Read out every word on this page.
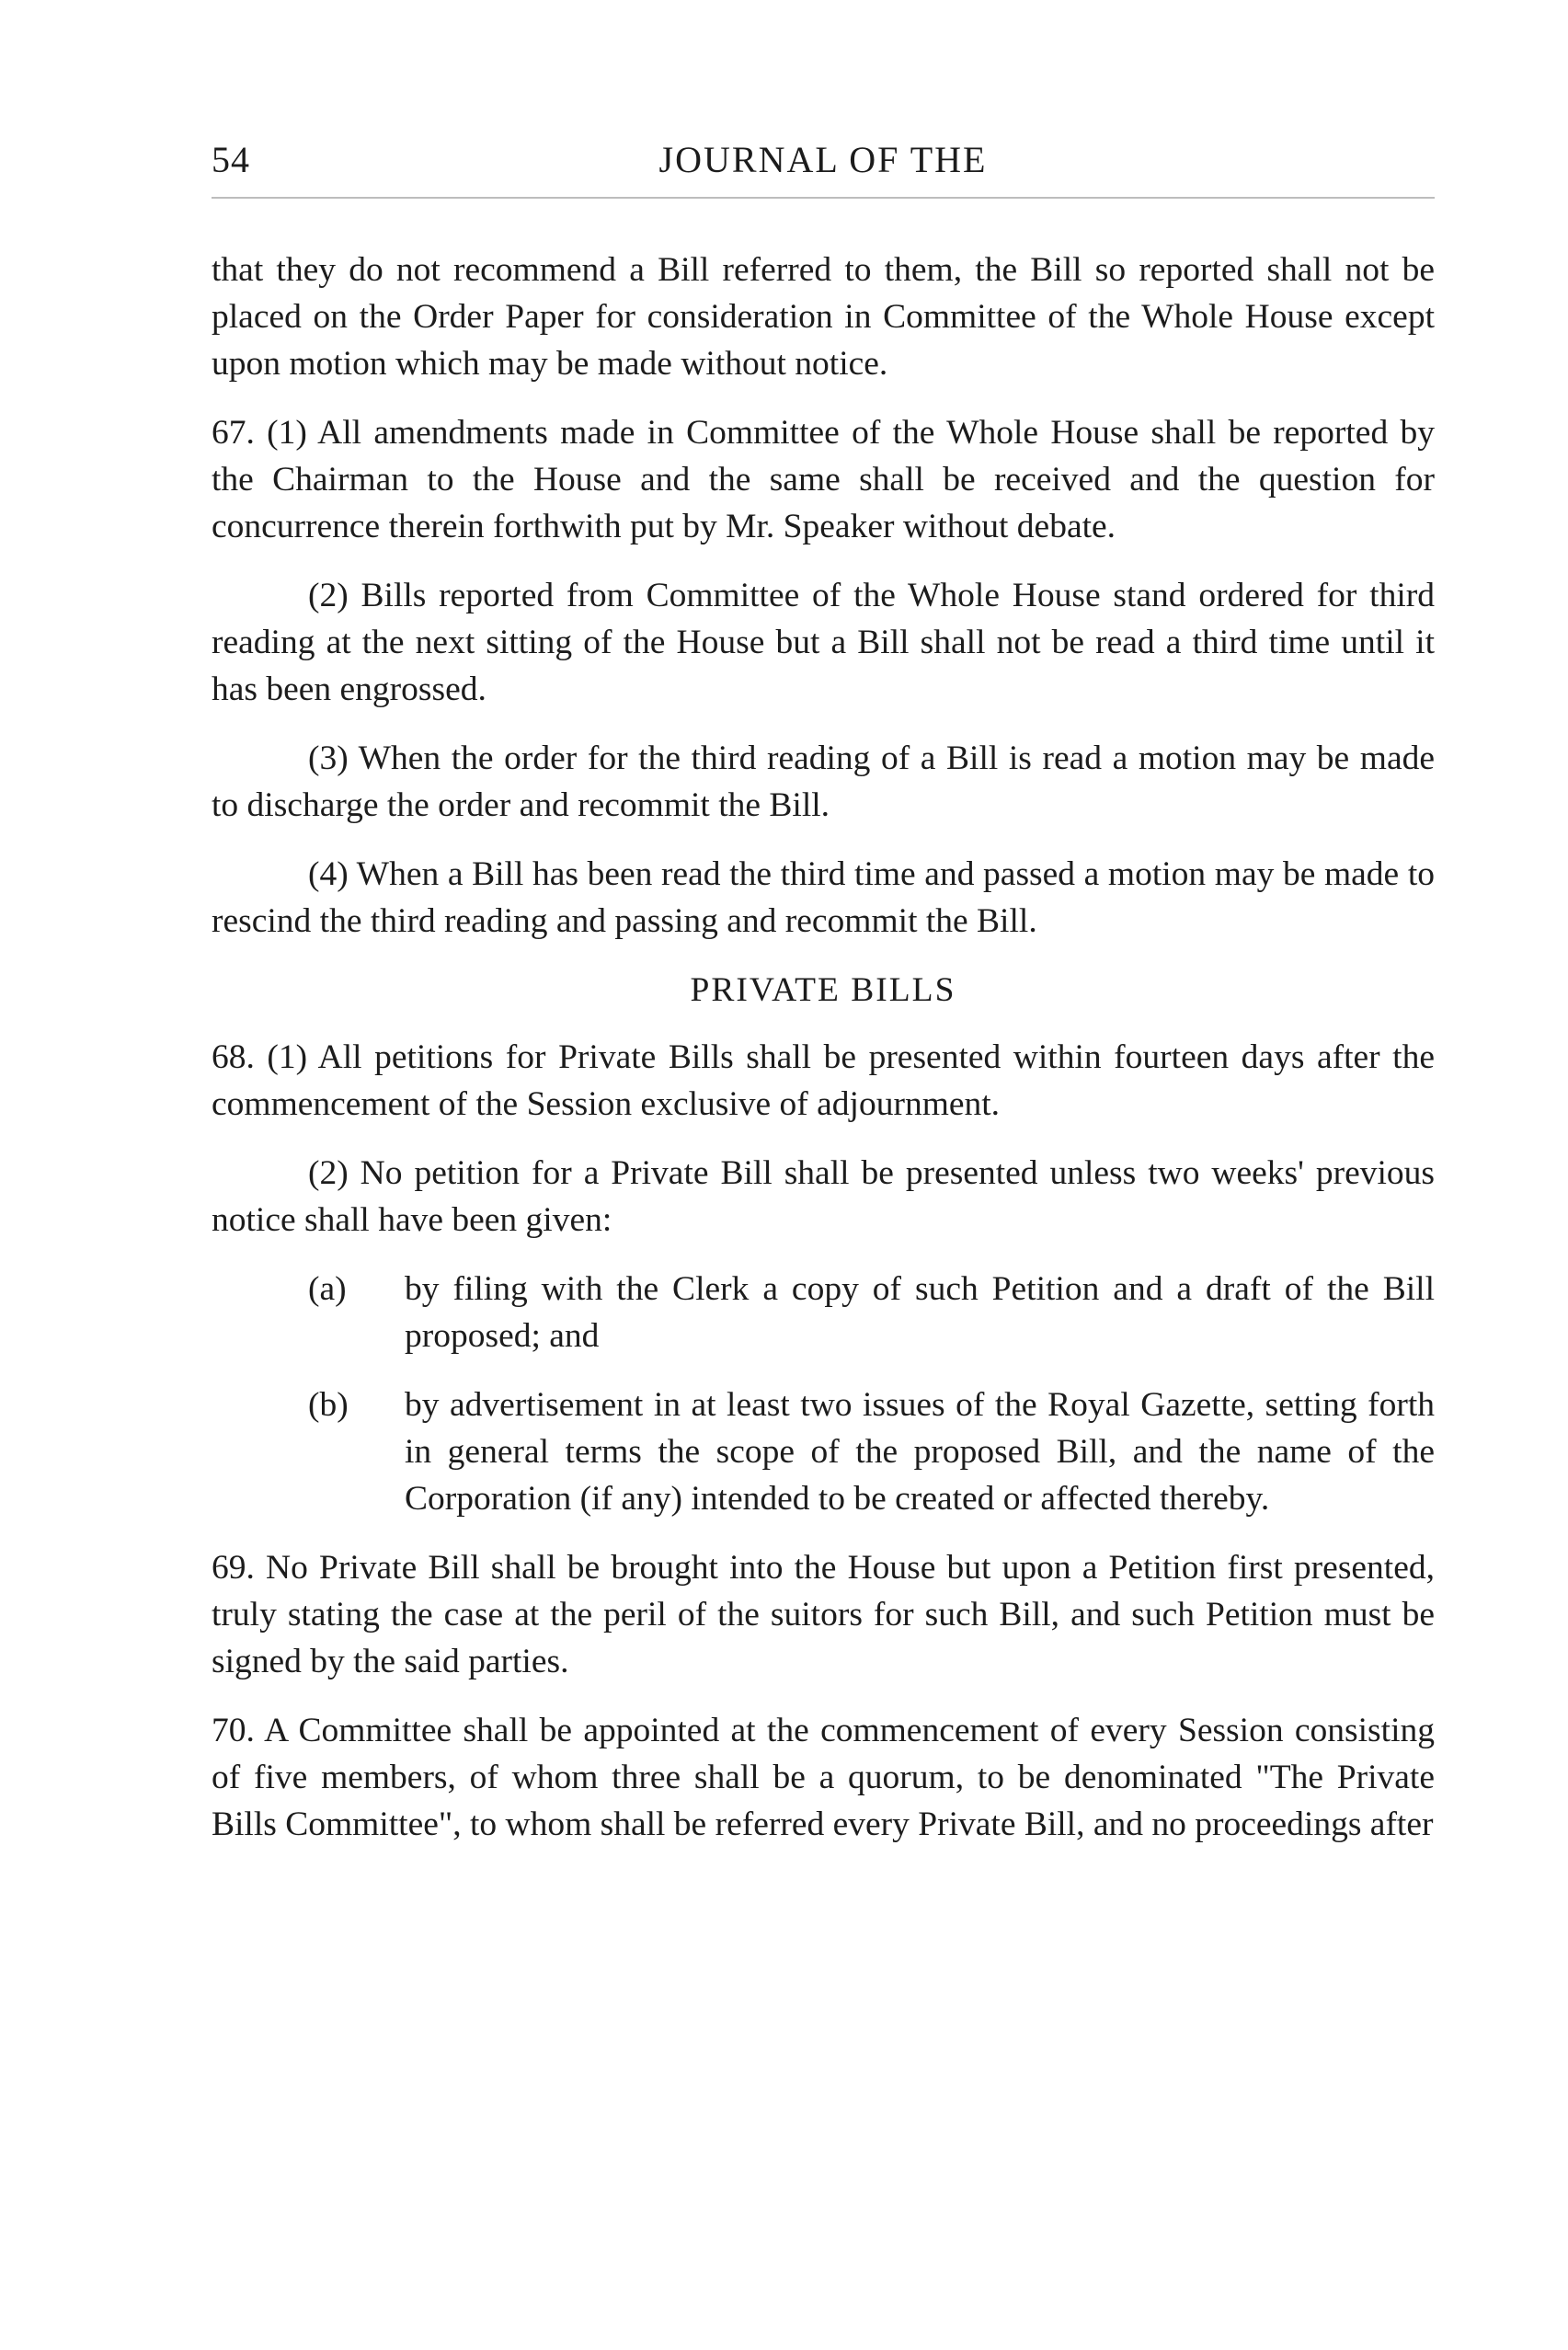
54	JOURNAL OF THE

that they do not recommend a Bill referred to them, the Bill so reported shall not be placed on the Order Paper for consideration in Committee of the Whole House except upon motion which may be made without notice.

67. (1) All amendments made in Committee of the Whole House shall be reported by the Chairman to the House and the same shall be received and the question for concurrence therein forthwith put by Mr. Speaker without debate.

(2) Bills reported from Committee of the Whole House stand ordered for third reading at the next sitting of the House but a Bill shall not be read a third time until it has been engrossed.

(3) When the order for the third reading of a Bill is read a motion may be made to discharge the order and recommit the Bill.

(4) When a Bill has been read the third time and passed a motion may be made to rescind the third reading and passing and recommit the Bill.

PRIVATE BILLS

68. (1) All petitions for Private Bills shall be presented within fourteen days after the commencement of the Session exclusive of adjournment.

(2) No petition for a Private Bill shall be presented unless two weeks' previous notice shall have been given:

(a) by filing with the Clerk a copy of such Petition and a draft of the Bill proposed; and
(b) by advertisement in at least two issues of the Royal Gazette, setting forth in general terms the scope of the proposed Bill, and the name of the Corporation (if any) intended to be created or affected thereby.

69. No Private Bill shall be brought into the House but upon a Petition first presented, truly stating the case at the peril of the suitors for such Bill, and such Petition must be signed by the said parties.

70. A Committee shall be appointed at the commencement of every Session consisting of five members, of whom three shall be a quorum, to be denominated "The Private Bills Committee", to whom shall be referred every Private Bill, and no proceedings after
